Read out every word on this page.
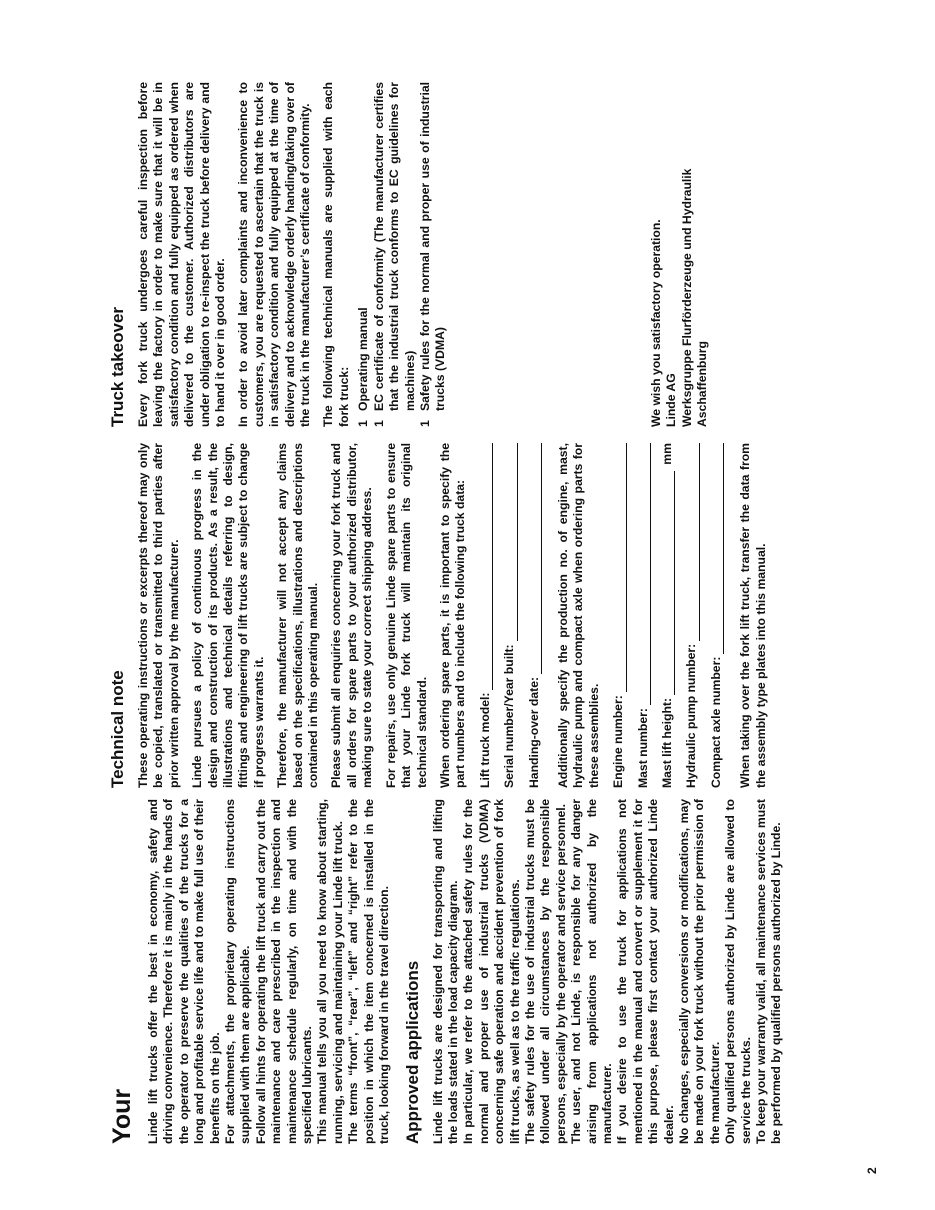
2
Your Linde lift trucks offer the best in economy, safety and driving convenience. Therefore it is mainly in the hands of the operator to preserve the qualities of the trucks for a long and profitable service life and to make full use of their benefits on the job. For attachments, the proprietary operating instructions supplied with them are applicable. Follow all hints for operating the lift truck and carry out the maintenance and care prescribed in the inspection and maintenance schedule regularly, on time and with the specified lubricants. This manual tells you all you need to know about starting, running, servicing and maintaining your Linde lift truck. The terms “front”, “rear”, “left” and “right” refer to the position in which the item concerned is installed in the truck, looking forward in the travel direction. Approved applications Linde lift trucks are designed for transporting and lifting the loads stated in the load capacity diagram. In particular, we refer to the attached safety rules for the normal and proper use of industrial trucks (VDMA) concerning safe operation and accident prevention of fork lift trucks, as well as to the traffic regulations. The safety rules for the use of industrial trucks must be followed under all circumstances by the responsible persons, especially by the operator and service personnel. The user, and not Linde, is responsible for any danger arising from applications not authorized by the manufacturer. If you desire to use the truck for applications not mentioned in the manual and convert or supplement it for this purpose, please first contact your authorized Linde dealer. No changes, especially conversions or modifications, may be made on your fork truck without the prior permission of the manufacturer. Only qualified persons authorized by Linde are allowed to service the trucks. To keep your warranty valid, all maintenance services must be performed by qualified persons authorized by Linde.

Technical note These operating instructions or excerpts thereof may only be copied, translated or transmitted to third parties after prior written approval by the manufacturer. Linde pursues a policy of continuous progress in the design and construction of its products. As a result, the illustrations and technical details referring to design, fittings and engineering of lift trucks are subject to change if progress warrants it. Therefore, the manufacturer will not accept any claims based on the specifications, illustrations and descriptions contained in this operating manual. Please submit all enquiries concerning your fork truck and all orders for spare parts to your authorized distributor, making sure to state your correct shipping address. For repairs, use only genuine Linde spare parts to ensure that your Linde fork truck will maintain its original technical standard. When ordering spare parts, it is important to specify the part numbers and to include the following truck data: Lift truck model: Serial number/Year built: Handing-over date: Additionally specify the production no. of engine, mast, hydraulic pump and compact axle when ordering parts for these assemblies. Engine number: Mast number: Mast lift height:
mm
Hydraulic pump number: Compact axle number: When taking over the fork lift truck, transfer the data from the assembly type plates into this manual.

Truck takeover Every fork truck undergoes careful inspection before leaving the factory in order to make sure that it will be in satisfactory condition and fully equipped as ordered when delivered to the customer. Authorized distributors are under obligation to re-inspect the truck before delivery and to hand it over in good order. In order to avoid later complaints and inconvenience to customers, you are requested to ascertain that the truck is in satisfactory condition and fully equipped at the time of delivery and to acknowledge orderly handing/taking over of the truck in the manufacturer’s certificate of conformity. The following technical manuals are supplied with each fork truck: 1
Operating manual
1
EC certificate of conformity (The manufacturer certifies that the industrial truck conforms to EC guidelines for machines)
1
Safety rules for the normal and proper use of industrial trucks (VDMA)	We wish you satisfactory operation. Linde AG Werksgruppe Flurförderzeuge und Hydraulik Aschaffenburg
